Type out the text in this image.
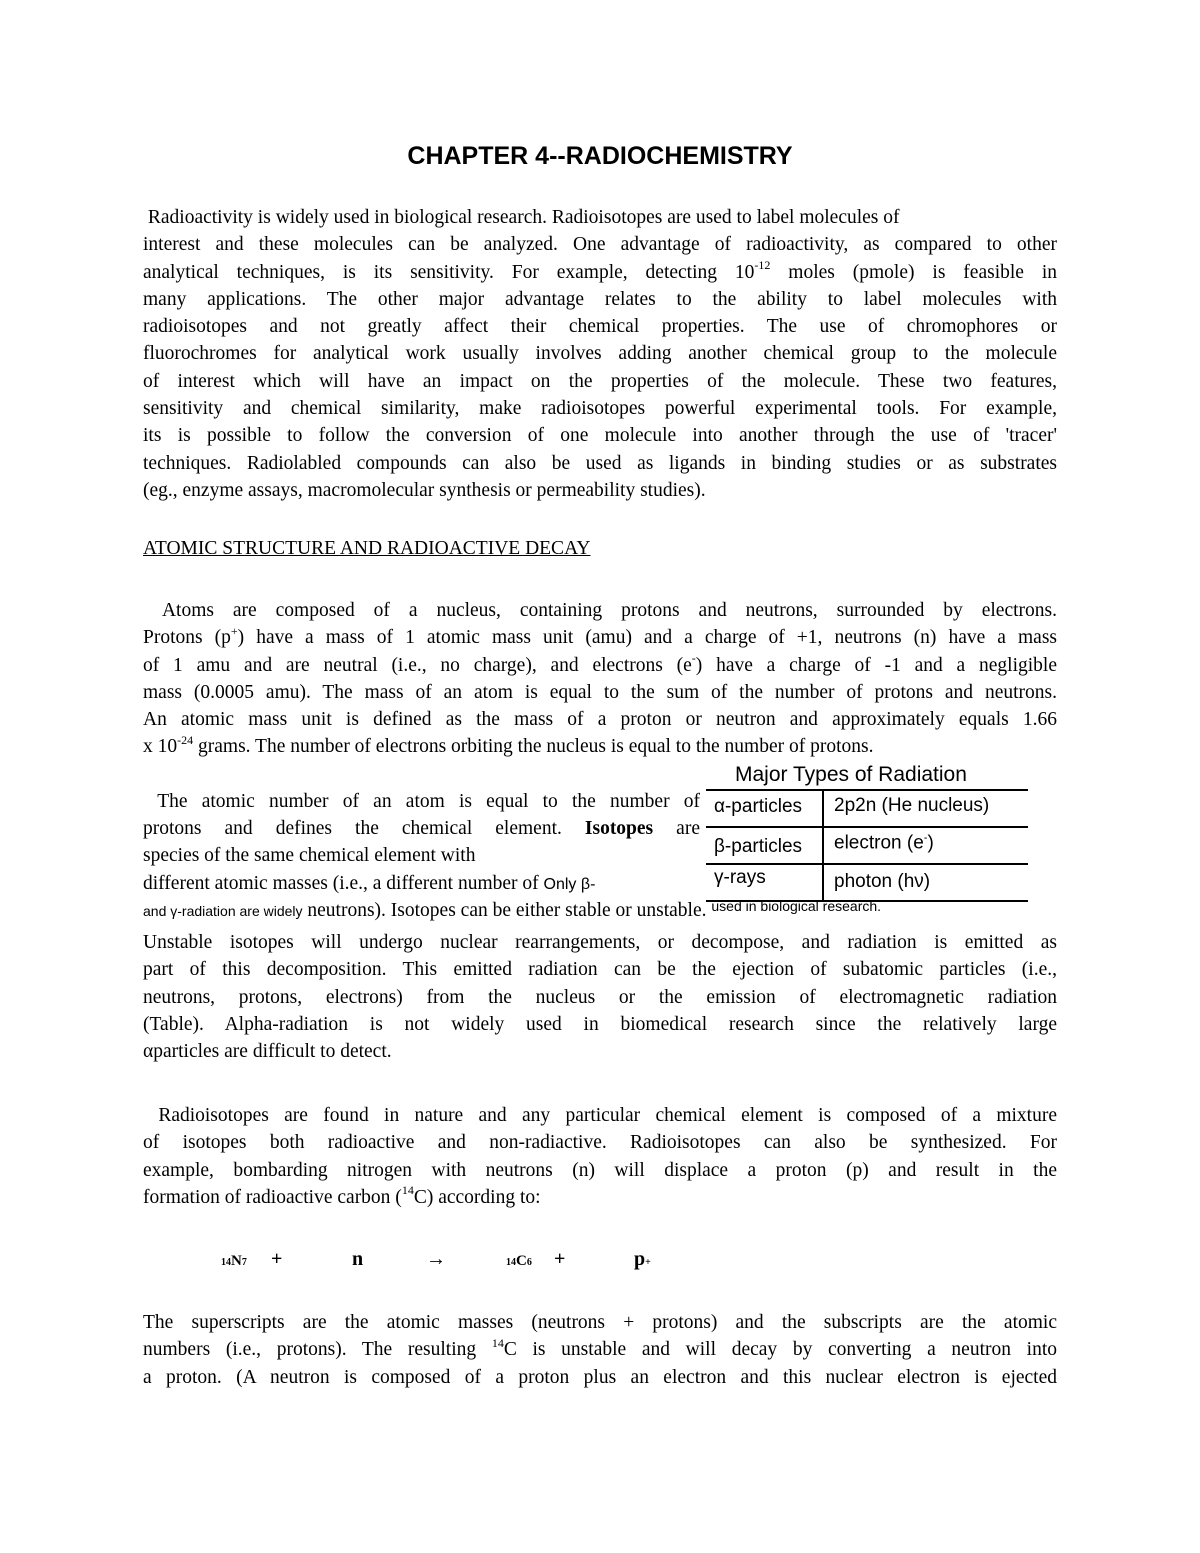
CHAPTER 4--RADIOCHEMISTRY
Radioactivity is widely used in biological research. Radioisotopes are used to label molecules of
interest and these molecules can be analyzed. One advantage of radioactivity, as compared to other
analytical techniques, is its sensitivity. For example, detecting $10^{-12}$ moles (pmole) is feasible in
many applications. The other major advantage relates to the ability to label molecules with
radioisotopes and not greatly affect their chemical properties. The use of chromophores or
fluorochromes for analytical work usually involves adding another chemical group to the molecule
of interest which will have an impact on the properties of the molecule. These two features,
sensitivity and chemical similarity, make radioisotopes powerful experimental tools. For example,
its is possible to follow the conversion of one molecule into another through the use of 'tracer'
techniques. Radiolabled compounds can also be used as ligands in binding studies or as substrates
(eg., enzyme assays, macromolecular synthesis or permeability studies).
ATOMIC STRUCTURE AND RADIOACTIVE DECAY
Atoms are composed of a nucleus, containing protons and neutrons, surrounded by electrons.
Protons (p+) have a mass of 1 atomic mass unit (amu) and a charge of +1, neutrons (n) have a mass
of 1 amu and are neutral (i.e., no charge), and electrons (e-) have a charge of -1 and a negligible
mass (0.0005 amu). The mass of an atom is equal to the sum of the number of protons and neutrons.
An atomic mass unit is defined as the mass of a proton or neutron and approximately equals 1.66
x $10^{-24}$ grams. The number of electrons orbiting the nucleus is equal to the number of protons.
Major Types of Radiation
α-particles	2p2n (He nucleus)
β-particles	electron (e-)
γ-rays	photon (hν)
The atomic number of an atom is equal to the number of
protons and defines the chemical element. Isotopes are
species of the same chemical element with
different atomic masses (i.e., a different number of Only β-
and γ-radiation are widely neutrons). Isotopes can be either stable or unstable. $^{used in biological research.}$
Unstable isotopes will undergo nuclear rearrangements, or decompose, and radiation is emitted as
part of this decomposition. This emitted radiation can be the ejection of subatomic particles (i.e.,
neutrons, protons, electrons) from the nucleus or the emission of electromagnetic radiation
(Table). Alpha-radiation is not widely used in biomedical research since the relatively large
αparticles are difficult to detect.
Radioisotopes are found in nature and any particular chemical element is composed of a mixture
of isotopes both radioactive and non-radiactive. Radioisotopes can also be synthesized. For
example, bombarding nitrogen with neutrons (n) will displace a proton (p) and result in the
formation of radioactive carbon ($^{14}$C) according to:
14N7 +	n	→	14C6 +	p+
The superscripts are the atomic masses (neutrons + protons) and the subscripts are the atomic
numbers (i.e., protons). The resulting $^{14}$C is unstable and will decay by converting a neutron into
a proton. (A neutron is composed of a proton plus an electron and this nuclear electron is ejected
